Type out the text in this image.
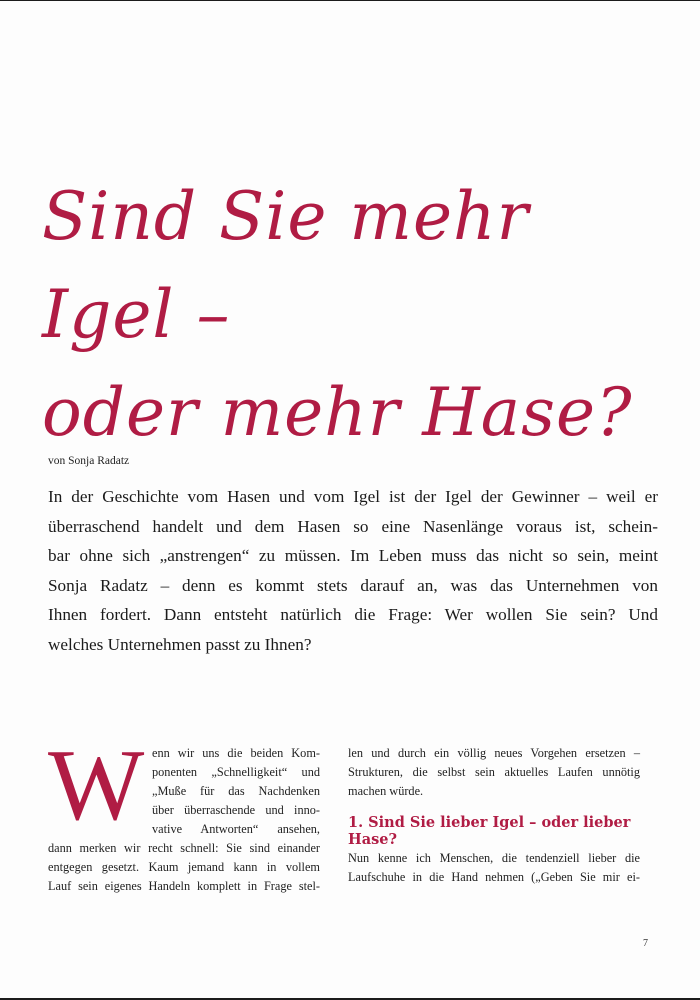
Sind Sie mehr Igel –
oder mehr Hase?
von Sonja Radatz

In der Geschichte vom Hasen und vom Igel ist der Igel der Gewinner – weil er
überraschend handelt und dem Hasen so eine Nasenlänge voraus ist, schein-
bar ohne sich „anstrengen“ zu müssen. Im Leben muss das nicht so sein, meint
Sonja Radatz – denn es kommt stets darauf an, was das Unternehmen von
Ihnen fordert. Dann entsteht natürlich die Frage: Wer wollen Sie sein? Und
welches Unternehmen passt zu Ihnen?

W enn wir uns die beiden Kom-
ponenten „Schnelligkeit“ und
„Muße für das Nachdenken
über überraschende und inno-
vative Antworten“ ansehen,

dann merken wir recht schnell: Sie sind einander
entgegen gesetzt. Kaum jemand kann in vollem
Lauf sein eigenes Handeln komplett in Frage stel-

len und durch ein völlig neues Vorgehen ersetzen –
Strukturen, die selbst sein aktuelles Laufen unnötig
machen würde.

1. Sind Sie lieber Igel – oder lieber Hase?

Nun kenne ich Menschen, die tendenziell lieber die
Laufschuhe in die Hand nehmen („Geben Sie mir ei-

7
